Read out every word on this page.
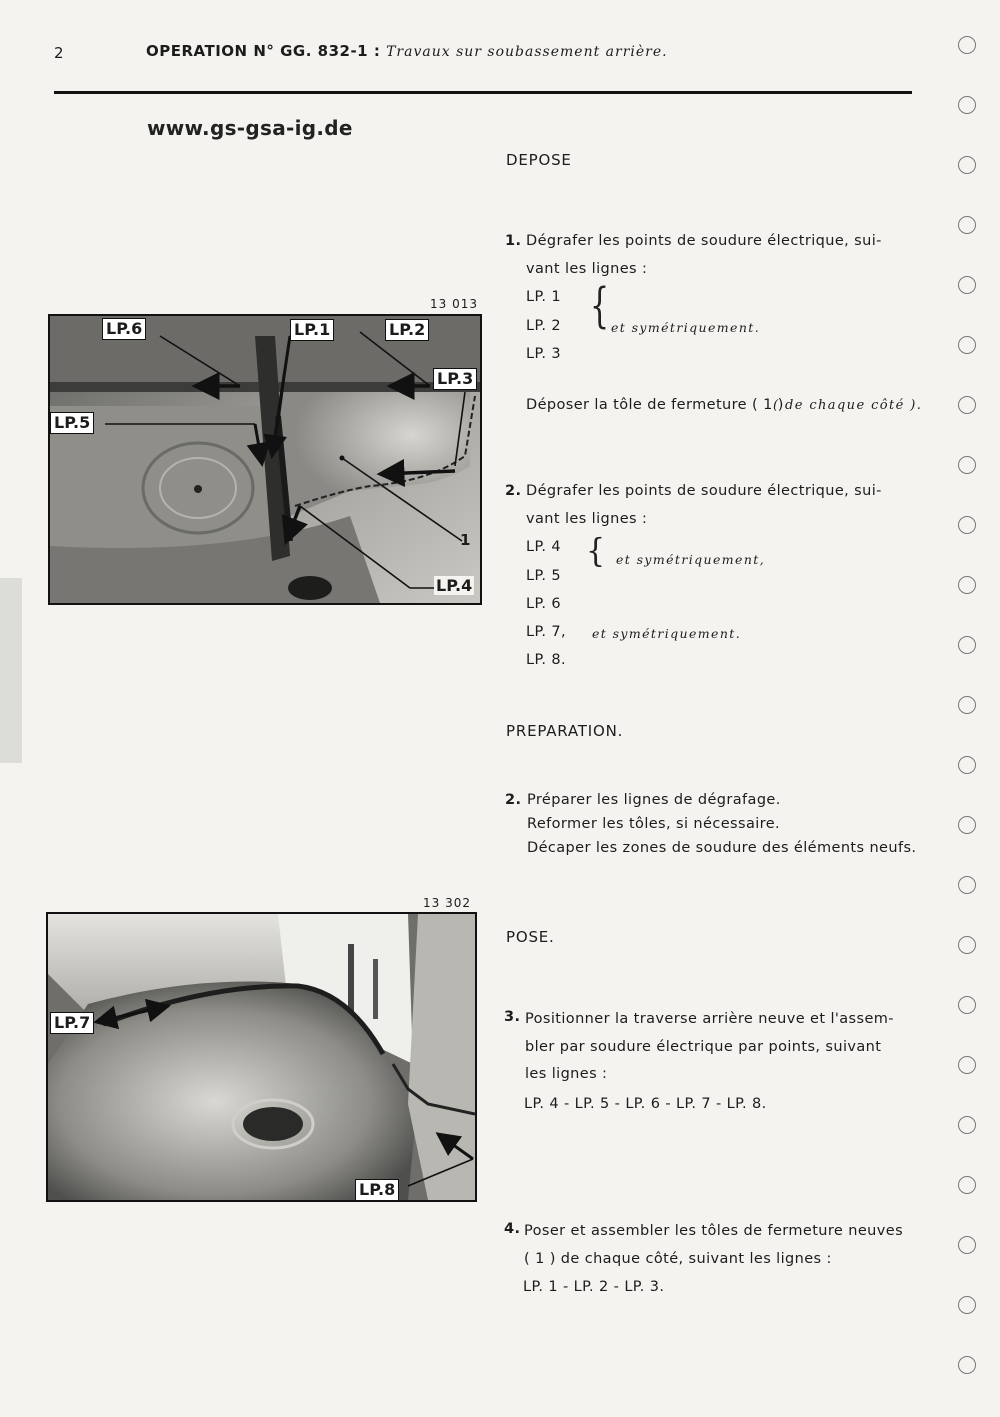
2	OPERATION N° GG. 832-1 : Travaux sur soubassement arrière.
www.gs-gsa-ig.de
13 013
LP.6	LP.1	LP.2
LP.3
LP.5
1
LP.4
13 302
LP.7
LP.8
DEPOSE
1. Dégrafer les points de soudure électrique, sui-
vant les lignes :
LP. 1
LP. 2
LP. 3
{ et symétriquement.
Déposer la tôle de fermeture ( 1 )
( de chaque côté ).
2. Dégrafer les points de soudure électrique, sui-
vant les lignes :
LP. 4
LP. 5
LP. 6
LP. 7,
LP. 8.
{ et symétriquement,
et symétriquement.
PREPARATION.
2. Préparer les lignes de dégrafage.
Reformer les tôles, si nécessaire.
Décaper les zones de soudure des éléments neufs.
POSE.
3. Positionner la traverse arrière neuve et l'assem-
bler par soudure électrique par points, suivant
les lignes :
LP. 4 - LP. 5 - LP. 6 - LP. 7 - LP. 8.
4. Poser et assembler les tôles de fermeture neuves
( 1 ) de chaque côté, suivant les lignes :
LP. 1 - LP. 2 - LP. 3.
